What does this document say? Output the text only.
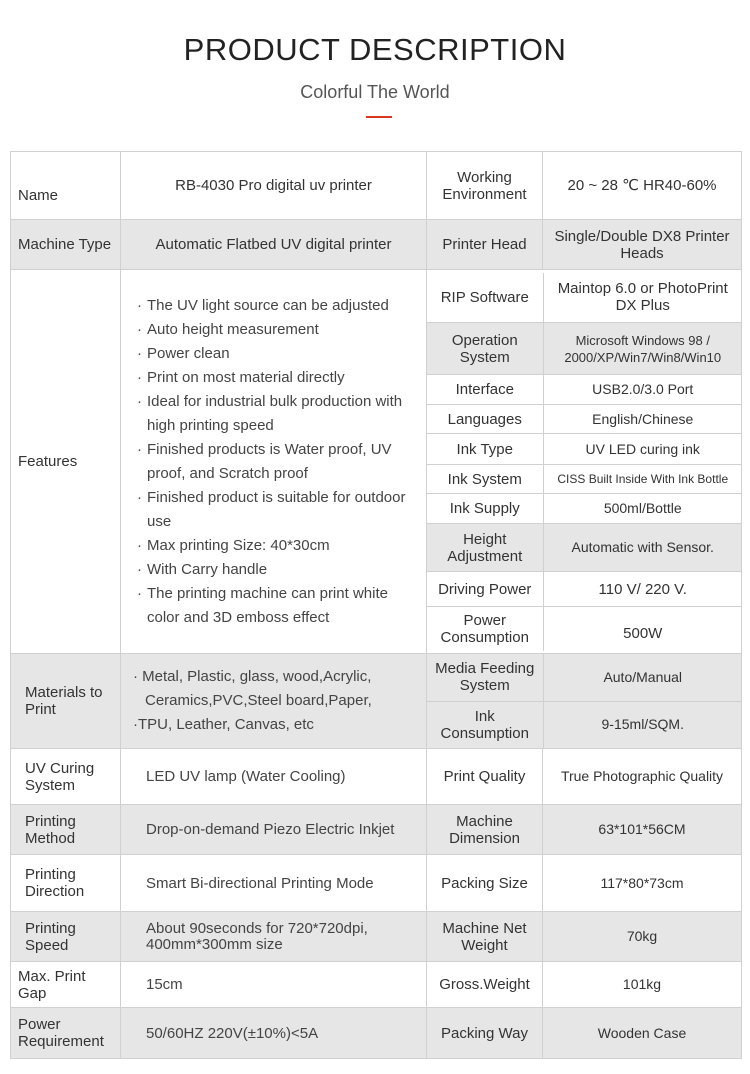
PRODUCT DESCRIPTION
Colorful The World
Name	RB-4030 Pro digital uv printer	Working Environment	20 ~ 28 ℃ HR40-60%
Machine Type	Automatic Flatbed UV digital printer	Printer Head	Single/Double DX8 Printer Heads
Features	
· The UV light source can be adjusted
· Auto height measurement
· Power clean
· Print on most material directly
· Ideal for industrial bulk production with high printing speed
· Finished products is Water proof, UV proof, and Scratch proof
· Finished product is suitable for outdoor use
· Max printing Size: 40*30cm
· With Carry handle
· The printing machine can print white color and 3D emboss effect

RIP Software	Maintop 6.0 or PhotoPrint DX Plus
Operation System	Microsoft Windows 98 / 2000/XP/Win7/Win8/Win10
Interface	USB2.0/3.0 Port
Languages	English/Chinese
Ink Type	UV LED curing ink
Ink System	CISS Built Inside With Ink Bottle
Ink Supply	500ml/Bottle
Height Adjustment	Automatic with Sensor.
Driving Power	110 V/ 220 V.
Power Consumption	500W

Materials to Print	
· Metal, Plastic, glass, wood,Acrylic,
Ceramics,PVC,Steel board,Paper,
·TPU, Leather, Canvas, etc

Media Feeding System	Auto/Manual
Ink Consumption	9-15ml/SQM.

UV Curing System	LED UV lamp (Water Cooling)	Print Quality	True Photographic Quality
Printing Method	Drop-on-demand Piezo Electric Inkjet	Machine Dimension	63*101*56CM
Printing Direction	Smart Bi-directional Printing Mode	Packing Size	117*80*73cm
Printing Speed	About 90seconds for 720*720dpi, 400mm*300mm size	Machine Net Weight	70kg
Max. Print Gap	15cm	Gross.Weight	101kg
Power Requirement	50/60HZ 220V(±10%)<5A	Packing Way	Wooden Case
